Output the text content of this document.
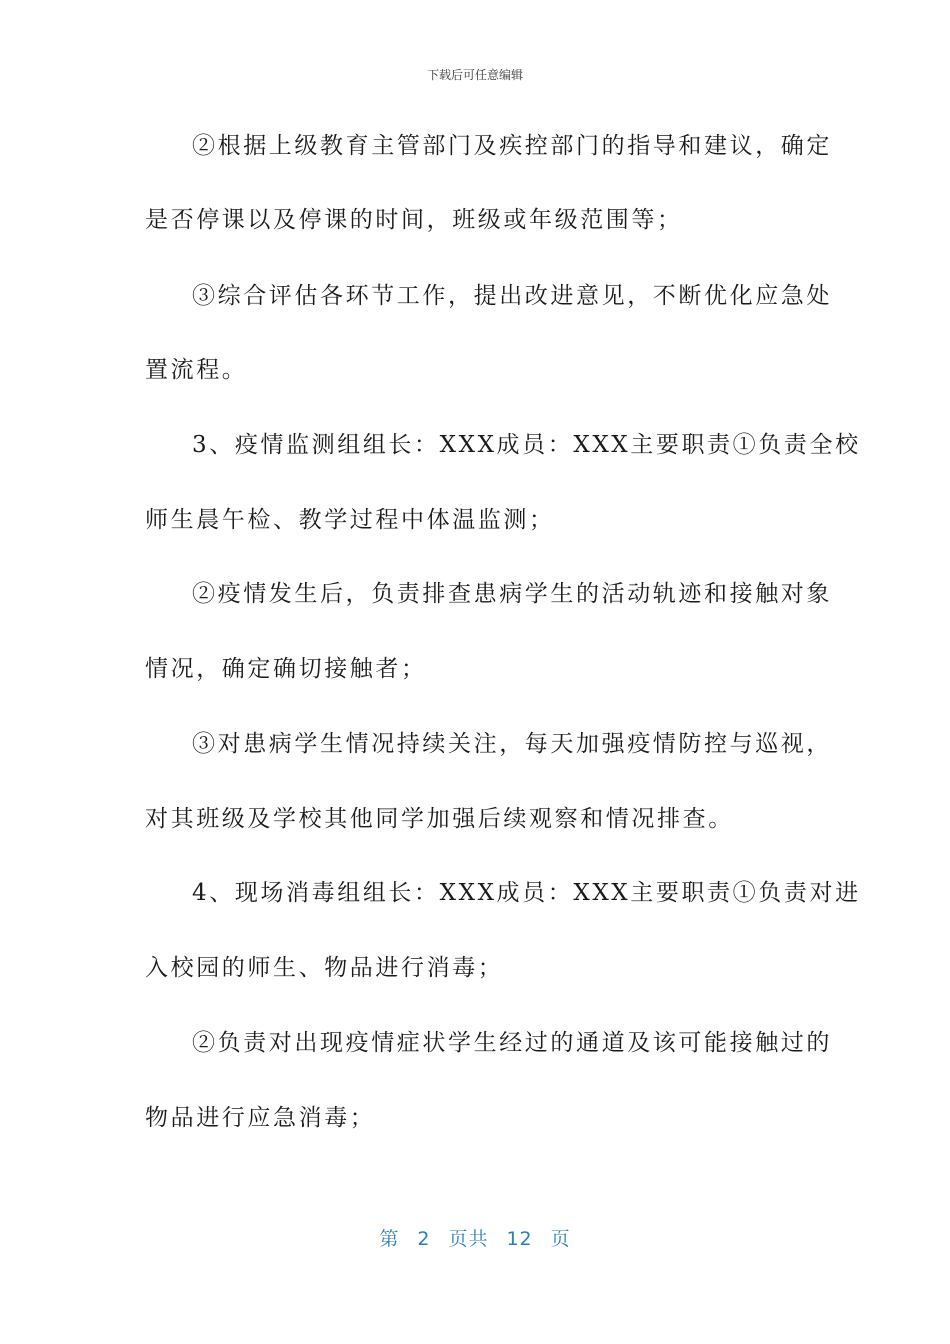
下载后可任意编辑
②根据上级教育主管部门及疾控部门的指导和建议，确定
是否停课以及停课的时间，班级或年级范围等；
③综合评估各环节工作，提出改进意见，不断优化应急处
置流程。
3、疫情监测组组长：XXX成员：XXX主要职责①负责全校
师生晨午检、教学过程中体温监测；
②疫情发生后，负责排查患病学生的活动轨迹和接触对象
情况，确定确切接触者；
③对患病学生情况持续关注，每天加强疫情防控与巡视，
对其班级及学校其他同学加强后续观察和情况排查。
4、现场消毒组组长：XXX成员：XXX主要职责①负责对进
入校园的师生、物品进行消毒；
②负责对出现疫情症状学生经过的通道及该可能接触过的
物品进行应急消毒；
第 2 页共 12 页
